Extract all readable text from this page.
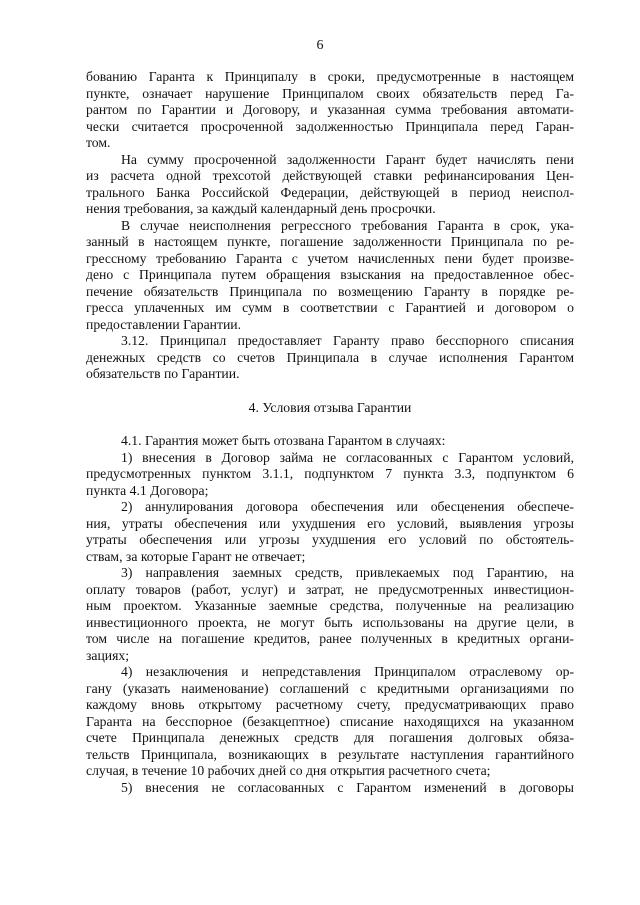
6
бованию Гаранта к Принципалу в сроки, предусмотренные в настоящем
пункте, означает нарушение Принципалом своих обязательств перед Га-
рантом по Гарантии и Договору, и указанная сумма требования автомати-
чески считается просроченной задолженностью Принципала перед Гаран-
том.
На сумму просроченной задолженности Гарант будет начислять пени
из расчета одной трехсотой действующей ставки рефинансирования Цен-
трального Банка Российской Федерации, действующей в период неиспол-
нения требования, за каждый календарный день просрочки.
В случае неисполнения регрессного требования Гаранта в срок, ука-
занный в настоящем пункте, погашение задолженности Принципала по ре-
грессному требованию Гаранта с учетом начисленных пени будет произве-
дено с Принципала путем обращения взыскания на предоставленное обес-
печение обязательств Принципала по возмещению Гаранту в порядке ре-
гресса уплаченных им сумм в соответствии с Гарантией и договором о
предоставлении Гарантии.
3.12. Принципал предоставляет Гаранту право бесспорного списания
денежных средств со счетов Принципала в случае исполнения Гарантом
обязательств по Гарантии.
4. Условия отзыва Гарантии
4.1. Гарантия может быть отозвана Гарантом в случаях:
1) внесения в Договор займа не согласованных с Гарантом условий,
предусмотренных пунктом 3.1.1, подпунктом 7 пункта 3.3, подпунктом 6
пункта 4.1 Договора;
2) аннулирования договора обеспечения или обесценения обеспече-
ния, утраты обеспечения или ухудшения его условий, выявления угрозы
утраты обеспечения или угрозы ухудшения его условий по обстоятель-
ствам, за которые Гарант не отвечает;
3) направления заемных средств, привлекаемых под Гарантию, на
оплату товаров (работ, услуг) и затрат, не предусмотренных инвестицион-
ным проектом. Указанные заемные средства, полученные на реализацию
инвестиционного проекта, не могут быть использованы на другие цели, в
том числе на погашение кредитов, ранее полученных в кредитных органи-
зациях;
4) незаключения и непредставления Принципалом отраслевому ор-
гану (указать наименование) соглашений с кредитными организациями по
каждому вновь открытому расчетному счету, предусматривающих право
Гаранта на бесспорное (безакцептное) списание находящихся на указанном
счете Принципала денежных средств для погашения долговых обяза-
тельств Принципала, возникающих в результате наступления гарантийного
случая, в течение 10 рабочих дней со дня открытия расчетного счета;
5) внесения не согласованных с Гарантом изменений в договоры
